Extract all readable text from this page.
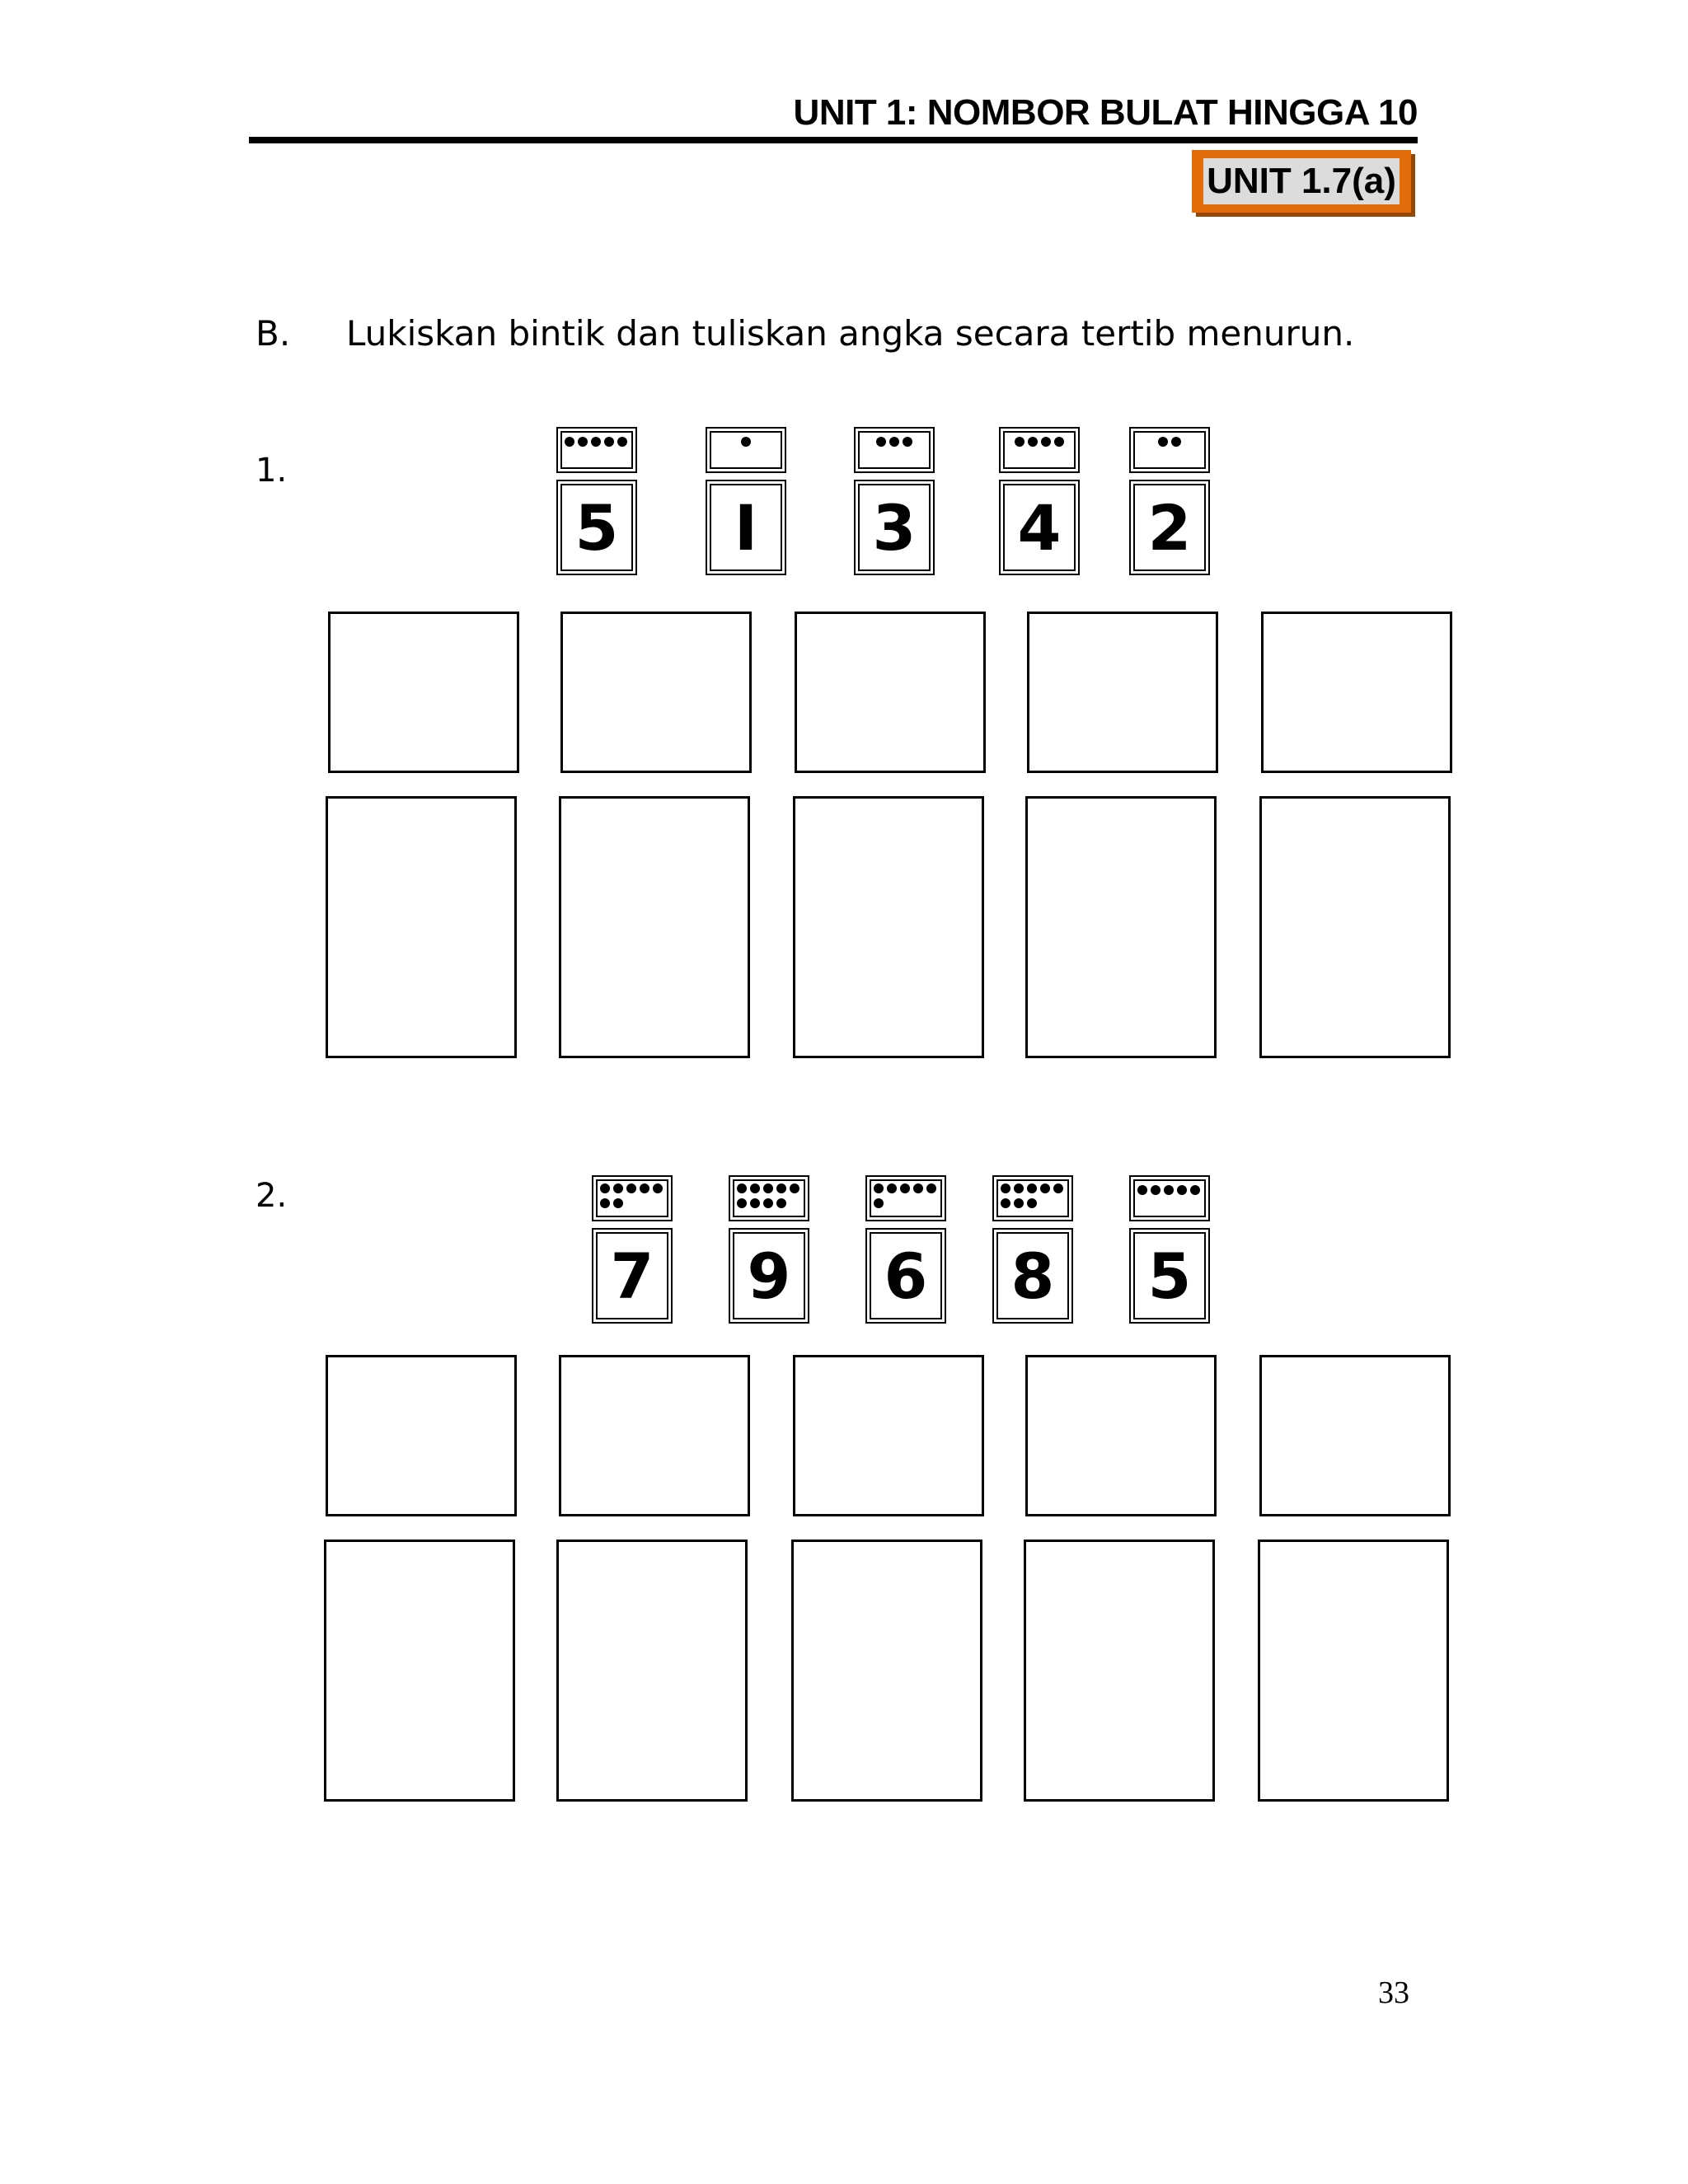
UNIT 1: NOMBOR BULAT HINGGA 10
UNIT 1.7(a)
B. Lukiskan bintik dan tuliskan angka secara tertib menurun.
1.
5	I	3 4 2
2.
7 9 6 8 5
33
